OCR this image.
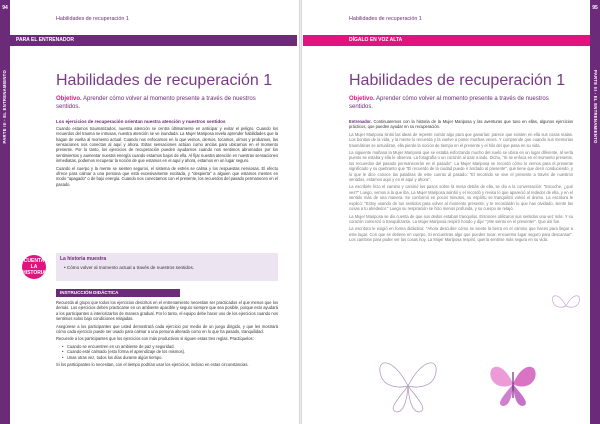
94
PARTE III - EL ENTRENAMIENTO
Habilidades de recuperación 1
PARA EL ENTRENADOR
Habilidades de recuperación 1
Objetivo. Aprender cómo volver al momento presente a través de nuestros sentidos.
Los ejercicios de recuperación orientan nuestra atención y nuestros sentidos

Cuando estamos traumatizados, nuestra atención se centra últimamente en anticipar y evitar el peligro. Cuando los recuerdos del trauma se intrusan, nuestra atención se ve inundada. La Mujer Mariposa revela aprender habilidades que la hagan de vuelta al momento actual. Cuando nos enfocamos en lo que vemos, olemos, tocamos, oímos y probamos, las sensaciones nos conectan al aquí y ahora. Estas sensaciones actúan como anclas para ubicarnos en el momento presente. Por lo tanto, los ejercicios de recuperación pueden ayudarnos cuando nos sentimos abrumados por los sentimientos y aumentar nuestra energía cuando estamos bajos de ella. Al fijar nuestra atención en nuestras sensaciones inmediatas, podemos recuperar la noción de que estamos en el aquí y ahora, estamos en un lugar seguro.

Cuando el cuerpo y la mente se sienten seguros, el sistema de estrés se calma y los respuestas nerviosas. El efecto ofrece para calmar a una persona que está excesivamente excitada, y "despierta" a alguien que estamos mentes en modo "apagado" o de bajo energía. Cuando nos conectamos con el presente, los recuerdos del pasado permanecen en el pasado.

CUENTA LA HISTORIA
La historia muestra
• Cómo volver al momento actual a través de nuestros sentidos.
INSTRUCCIÓN DIDÁCTICA

Recuerda al grupo que todos los ejercicios descritos en el entrenamiento necesitan ser practicados el que menos que los demás. Los ejercicios deben practicarse en un ambiente apacible y seguro siempre que sea posible, porque esto ayudará a los participantes a interiorizarlos de manera gradual. Por lo tanto, el equipo debe hacer uso de los ejercicios cuando nos sentimos solos bajo condiciones relajadas.

Asegúrese a los participantes que usted demostrará cada ejercicio por medio de un juego dirigido, y que les mostrará cómo cada ejercicio puede ser usado para calmar a una persona alterada como en lo que ha pasado, tranquilidad.

Recuerde a los participantes que los ejercicios son más productivos si siguen estas tres reglas. Practíquelos:

• Cuando se encuentren en un ambiente de paz y seguridad.
• Cuando esté calmado (esto forma el aprendizaje de los mismos).
• Unas otras vez, todos los días durante algún tiempo.

Si los participantes lo necesitan, con el tiempo podrían usar los ejercicios, incluso en estas circunstancias.

95
PARTE III - EL ENTRENAMIENTO
Habilidades de recuperación 1
DÍGALO EN VOZ ALTA
Habilidades de recuperación 1
Objetivo. Aprender cómo volver al momento presente a través de nuestros sentidos.

Entrenador. Continuaremos con la historia de la Mujer Mariposa y las aventuras que tuvo en ellas, algunos ejercicios prácticos, que pueden ayudar en su recuperación.

La Mujer Mariposa sintió las ideas de repente contar algo para que ganarían: parece que existen en ella sus cosas malas. Los bonitos de la vida, y la mente lo recuerda y la vuelve a poner muchas veces. Y comprende que cuando sus memorias traumáticas se actualizan, ella pierde la noción de tiempo en el presente y el hilo del que pasa en su vida.

La siguiente mañana la Mujer Mariposa que se estaba esforzando mucho del suelo se ubica en un lugar diferente, al verla puesto se estaba y ella le observa. La fotografía o un corazón al azar a lado. Dicho, "Si se enfoca en el momento presente, los recuerdos del pasado permanecerán en el pasado". La Mujer Mariposa se recordó cómo lo vemos para el presente significado y su quebranto que "El recuerdo de la ciudad puede ir anclado al presente", qué tiene que decir conduciendo, y lo que le dice conoce las palabras de este cuento al pasado: "El recorrido se vive el presente a través de nuestros sentidos, estamos aquí y en el aquí y ahora".

La escribirle hizo el camino y caminó los pasos sobre la mesa detrás de ella, se dio a la conversación: "Escuche, ¿qué ves?" Luego, vemos a la que iba, La Mujer Mariposa asintió y el recordó y revisa lo que apareció al rededor de ella, y en el sentido más de una manera. Se conformó en pocos minutos, su espíritu se tranquilizó volvió el ánimo. La escritora le explicó: "Estoy usando de tus sentidos para volver al momento presente, y te recordarán lo que has olvidado, siente las cosas a tu alrededor." Luego su respiración se hizo menos profunda, y su cuerpo se relajó.

La Mujer Mariposa se dio cuenta de que sus dedos estaban tranquilos. Entonces utilizaron sus sentidos una vez más. Y su corazón comenzó a tranquilizarse. La Mujer Mariposa respiró hondo y dijo: "¡Me siento en el presente!". Que así fue.

La escritora le exigió en forma didáctica: "Ahora descubre cómo se siente la tierra en el camino que haces para llegar a este lugar. Con que se detiene en cuerpo, Si encuentras algo que puedes tocar, encuentra lugar seguro para descansar". Los cambios para poder ver las cosas hoy. La Mujer Mariposa respiró, quería sentirse más segura en su vida.
